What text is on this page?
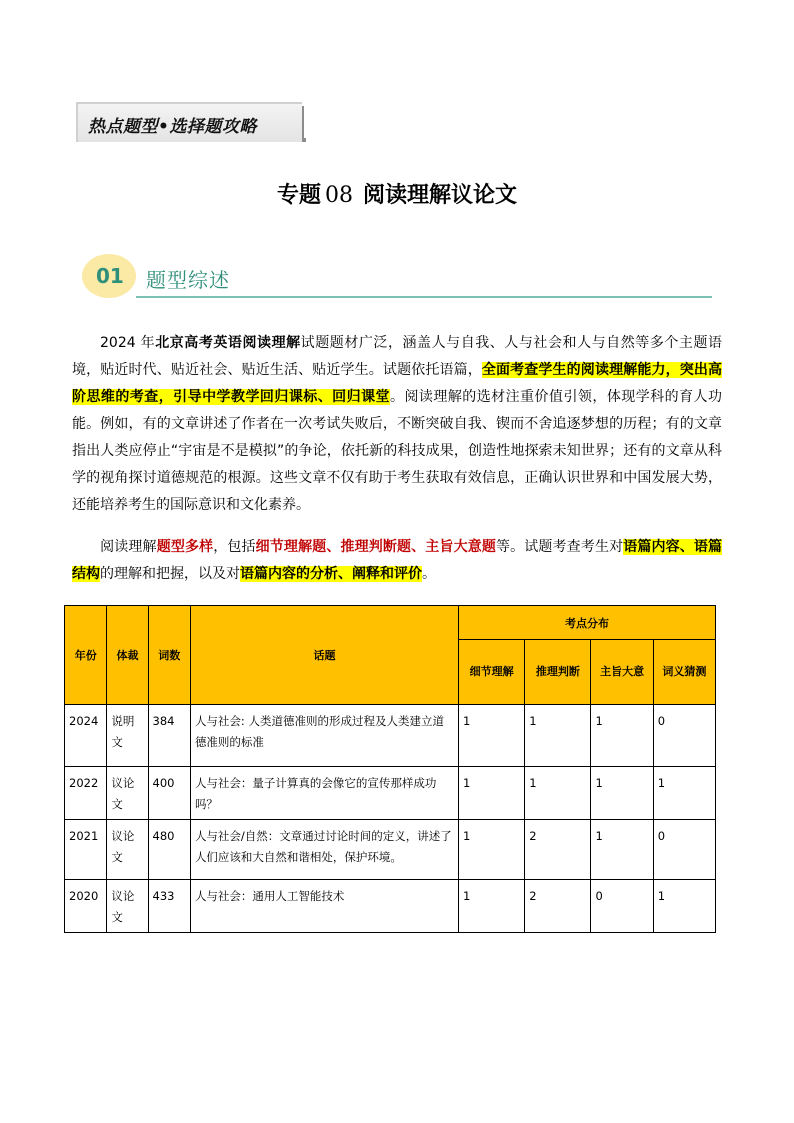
热点题型•选择题攻略
专题 08 阅读理解议论文
01 题型综述
2024 年北京高考英语阅读理解试题题材广泛，涵盖人与自我、人与社会和人与自然等多个主题语境，贴近时代、贴近社会、贴近生活、贴近学生。试题依托语篇，全面考查学生的阅读理解能力，突出高阶思维的考查，引导中学教学回归课标、回归课堂。阅读理解的选材注重价值引领，体现学科的育人功能。例如，有的文章讲述了作者在一次考试失败后，不断突破自我、锲而不舍追逐梦想的历程；有的文章指出人类应停止“宇宙是不是模拟”的争论，依托新的科技成果，创造性地探索未知世界；还有的文章从科学的视角探讨道德规范的根源。这些文章不仅有助于考生获取有效信息，正确认识世界和中国发展大势，还能培养考生的国际意识和文化素养。
阅读理解题型多样，包括细节理解题、推理判断题、主旨大意题等。试题考查考生对语篇内容、语篇结构的理解和把握，以及对语篇内容的分析、阐释和评价。
年份	体裁	词数	话题	考点分布			
				细节理解	推理判断	主旨大意	词义猜测
2024	说明文	384	人与社会: 人类道德准则的形成过程及人类建立道德准则的标准	1	1	1	0
2022	议论文	400	人与社会：量子计算真的会像它的宣传那样成功吗？	1	1	1	1
2021	议论文	480	人与社会/自然：文章通过讨论时间的定义，讲述了人们应该和大自然和谐相处，保护环境。	1	2	1	0
2020	议论文	433	人与社会：通用人工智能技术	1	2	0	1
